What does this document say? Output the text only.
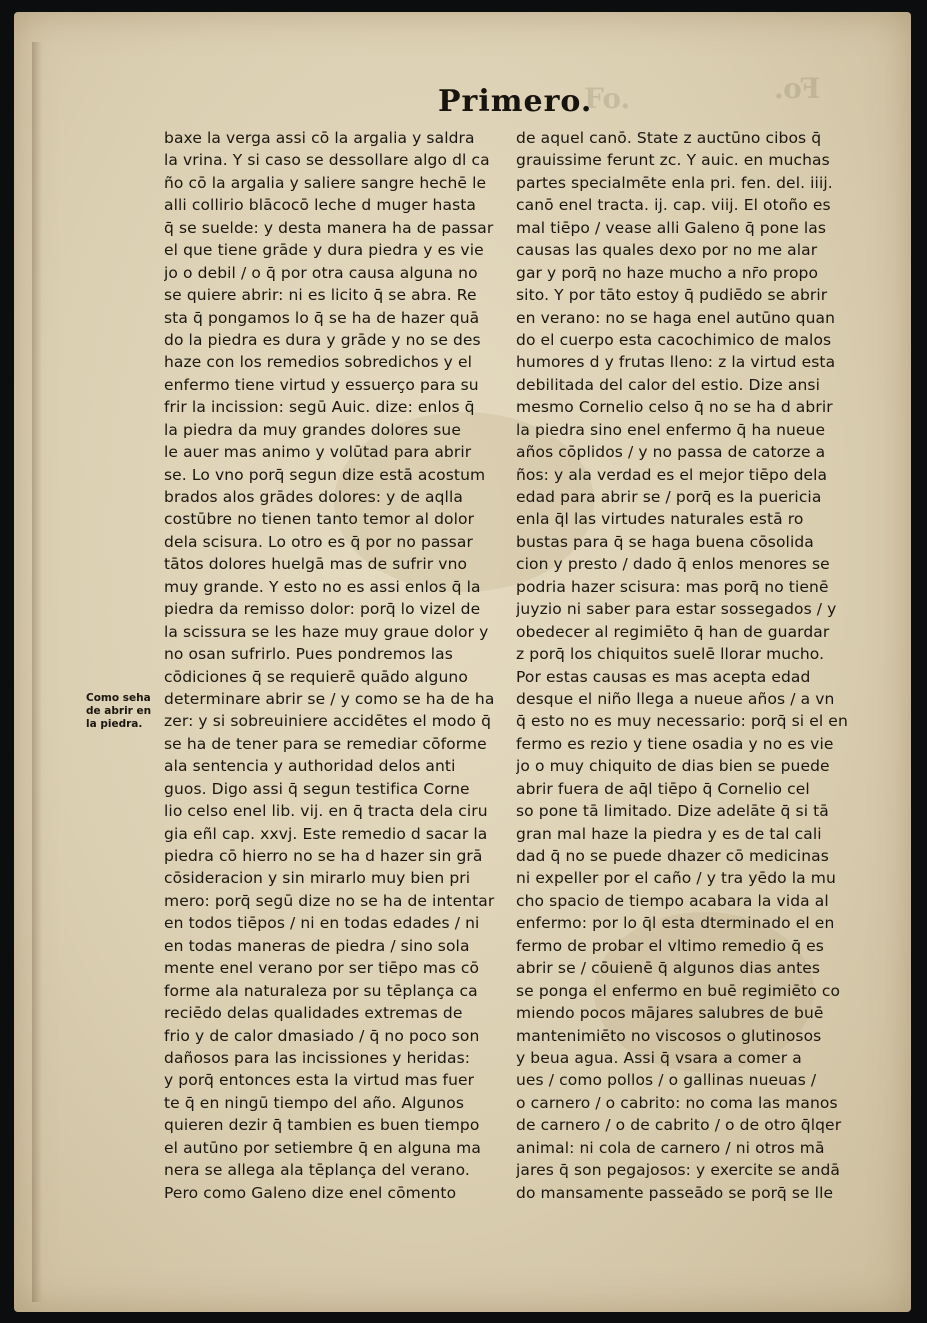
Fo.	Fo.
Primero.
Como seha
de abrir en
la piedra.
baxe la verga assi cō la argalia y saldra
la vrina. Y si caso se dessollare algo dl ca
ño cō la argalia y saliere sangre hechē le
alli collirio blācocō leche d muger hasta
q̄ se suelde: y desta manera ha de passar
el que tiene grāde y dura piedra y es vie
jo o debil / o q̄ por otra causa alguna no
se quiere abrir: ni es licito q̄ se abra. Re
sta q̄ pongamos lo q̄ se ha de hazer quā
do la piedra es dura y grāde y no se des
haze con los remedios sobredichos y el
enfermo tiene virtud y essuerço para su
frir la incission: segū Auic. dize: enlos q̄
la piedra da muy grandes dolores sue
le auer mas animo y volūtad para abrir
se. Lo vno porq̄ segun dize estā acostum
brados alos grādes dolores: y de aqlla
costūbre no tienen tanto temor al dolor
dela scisura. Lo otro es q̄ por no passar
tātos dolores huelgā mas de sufrir vno
muy grande. Y esto no es assi enlos q̄ la
piedra da remisso dolor: porq̄ lo vizel de
la scissura se les haze muy graue dolor y
no osan sufrirlo. Pues pondremos las
cōdiciones q̄ se requierē quādo alguno
determinare abrir se / y como se ha de ha
zer: y si sobreuiniere accidētes el modo q̄
se ha de tener para se remediar cōforme
ala sentencia y authoridad delos anti
guos. Digo assi q̄ segun testifica Corne
lio celso enel lib. vij. en q̄ tracta dela ciru
gia eñl cap. xxvj. Este remedio d sacar la
piedra cō hierro no se ha d hazer sin grā
cōsideracion y sin mirarlo muy bien pri
mero: porq̄ segū dize no se ha de intentar
en todos tiēpos / ni en todas edades / ni
en todas maneras de piedra / sino sola
mente enel verano por ser tiēpo mas cō
forme ala naturaleza por su tēplança ca
reciēdo delas qualidades extremas de
frio y de calor dmasiado / q̄ no poco son
dañosos para las incissiones y heridas:
y porq̄ entonces esta la virtud mas fuer
te q̄ en ningū tiempo del año. Algunos
quieren dezir q̄ tambien es buen tiempo
el autūno por setiembre q̄ en alguna ma
nera se allega ala tēplança del verano.
Pero como Galeno dize enel cōmento
de aquel canō. State z auctūno cibos q̄
grauissime ferunt zc. Y auic. en muchas
partes specialmēte enla pri. fen. del. iiij.
canō enel tracta. ij. cap. viij. El otoño es
mal tiēpo / vease alli Galeno q̄ pone las
causas las quales dexo por no me alar
gar y porq̄ no haze mucho a nr̄o propo
sito. Y por tāto estoy q̄ pudiēdo se abrir
en verano: no se haga enel autūno quan
do el cuerpo esta cacochimico de malos
humores d y frutas lleno: z la virtud esta
debilitada del calor del estio. Dize ansi
mesmo Cornelio celso q̄ no se ha d abrir
la piedra sino enel enfermo q̄ ha nueue
años cōplidos / y no passa de catorze a
ños: y ala verdad es el mejor tiēpo dela
edad para abrir se / porq̄ es la puericia
enla q̄l las virtudes naturales estā ro
bustas para q̄ se haga buena cōsolida
cion y presto / dado q̄ enlos menores se
podria hazer scisura: mas porq̄ no tienē
juyzio ni saber para estar sossegados / y
obedecer al regimiēto q̄ han de guardar
z porq̄ los chiquitos suelē llorar mucho.
Por estas causas es mas acepta edad
desque el niño llega a nueue años / a vn
q̄ esto no es muy necessario: porq̄ si el en
fermo es rezio y tiene osadia y no es vie
jo o muy chiquito de dias bien se puede
abrir fuera de aq̄l tiēpo q̄ Cornelio cel
so pone tā limitado. Dize adelāte q̄ si tā
gran mal haze la piedra y es de tal cali
dad q̄ no se puede dhazer cō medicinas
ni expeller por el caño / y tra yēdo la mu
cho spacio de tiempo acabara la vida al
enfermo: por lo q̄l esta dterminado el en
fermo de probar el vltimo remedio q̄ es
abrir se / cōuienē q̄ algunos dias antes
se ponga el enfermo en buē regimiēto co
miendo pocos mājares salubres de buē
mantenimiēto no viscosos o glutinosos
y beua agua. Assi q̄ vsara a comer a
ues / como pollos / o gallinas nueuas /
o carnero / o cabrito: no coma las manos
de carnero / o de cabrito / o de otro q̄lqer
animal: ni cola de carnero / ni otros mā
jares q̄ son pegajosos: y exercite se andā
do mansamente passeādo se porq̄ se lle
